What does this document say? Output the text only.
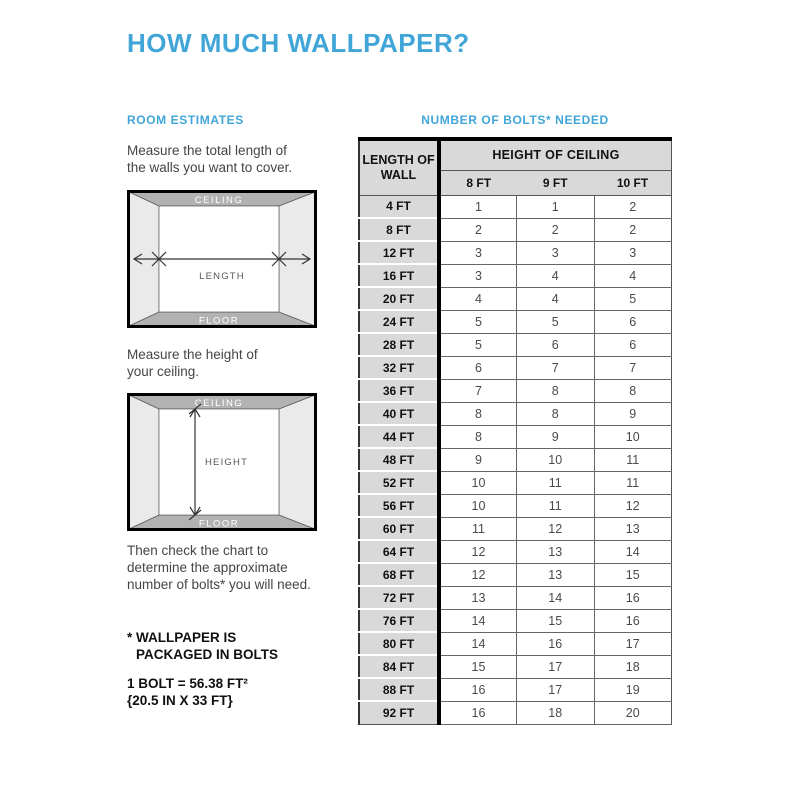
HOW MUCH WALLPAPER?
ROOM ESTIMATES	NUMBER OF BOLTS* NEEDED
Measure the total length of
the walls you want to cover.
CEILING
FLOOR
LENGTH
Measure the height of
your ceiling.
CEILING
FLOOR
HEIGHT
Then check the chart to
determine the approximate
number of bolts* you will need.
* WALLPAPER IS
PACKAGED IN BOLTS
1 BOLT = 56.38 FT²
{20.5 IN X 33 FT}
LENGTH OF WALL	HEIGHT OF CEILING		
	8 FT	9 FT	10 FT
4 FT	1	1	2
8 FT	2	2	2
12 FT	3	3	3
16 FT	3	4	4
20 FT	4	4	5
24 FT	5	5	6
28 FT	5	6	6
32 FT	6	7	7
36 FT	7	8	8
40 FT	8	8	9
44 FT	8	9	10
48 FT	9	10	11
52 FT	10	11	11
56 FT	10	11	12
60 FT	11	12	13
64 FT	12	13	14
68 FT	12	13	15
72 FT	13	14	16
76 FT	14	15	16
80 FT	14	16	17
84 FT	15	17	18
88 FT	16	17	19
92 FT	16	18	20
